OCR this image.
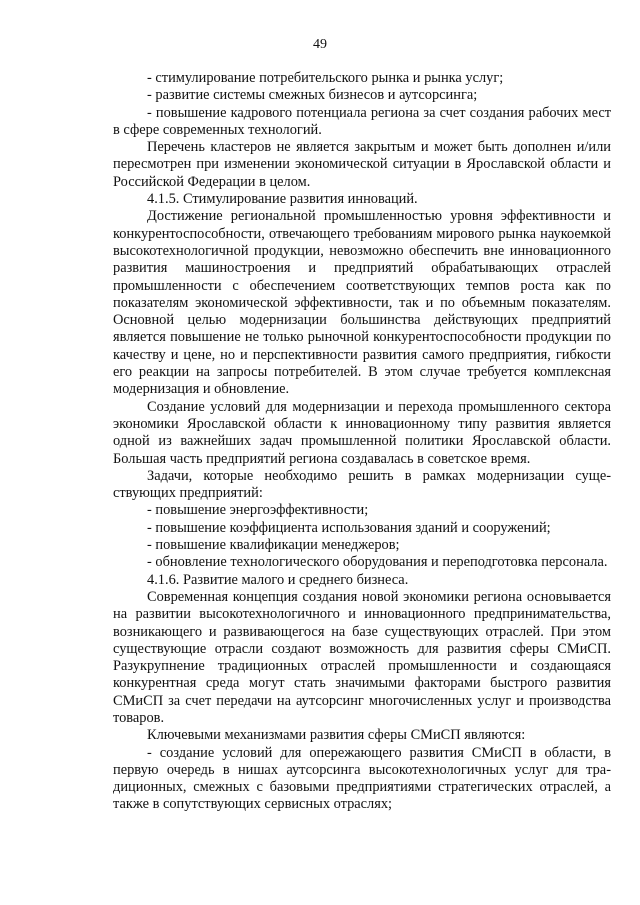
49

- стимулирование потребительского рынка и рынка услуг;

- развитие системы смежных бизнесов и аутсорсинга;

- повышение кадрового потенциала региона за счет создания рабочих мест в сфере современных технологий.

Перечень кластеров не является закрытым и может быть дополнен и/или пересмотрен при изменении экономической ситуации в Ярославской области и Российской Федерации в целом.

4.1.5. Стимулирование развития инноваций.

Достижение региональной промышленностью уровня эффективности и конкурентоспособности, отвечающего требованиям мирового рынка наукоемкой высокотехнологичной продукции, невозможно обеспечить вне инновационного развития машиностроения и предприятий обрабатывающих отраслей промышленности с обеспечением соответствующих темпов роста как по показателям экономической эффективности, так и по объемным показателям. Основной целью модернизации большинства действующих предприятий является повышение не только рыночной конкурентоспособности продукции по качеству и цене, но и перспективности развития самого предприятия, гибкости его реакции на запросы потребителей. В этом случае требуется комплексная модернизация и обновление.

Создание условий для модернизации и перехода промышленного сектора экономики Ярославской области к инновационному типу развития является одной из важнейших задач промышленной политики Ярославской области. Большая часть предприятий региона создавалась в советское время.

Задачи, которые необходимо решить в рамках модернизации существующих предприятий:

- повышение энергоэффективности;

- повышение коэффициента использования зданий и сооружений;

- повышение квалификации менеджеров;

- обновление технологического оборудования и переподготовка персонала.

4.1.6. Развитие малого и среднего бизнеса.

Современная концепция создания новой экономики региона основывается на развитии высокотехнологичного и инновационного предпринимательства, возникающего и развивающегося на базе существующих отраслей. При этом существующие отрасли создают возможность для развития сферы СМиСП. Разукрупнение традиционных отраслей промышленности и создающаяся конкурентная среда могут стать значимыми факторами быстрого развития СМиСП за счет передачи на аутсорсинг многочисленных услуг и производства товаров.

Ключевыми механизмами развития сферы СМиСП являются:

- создание условий для опережающего развития СМиСП в области, в первую очередь в нишах аутсорсинга высокотехнологичных услуг для традиционных, смежных с базовыми предприятиями стратегических отраслей, а также в сопутствующих сервисных отраслях;
